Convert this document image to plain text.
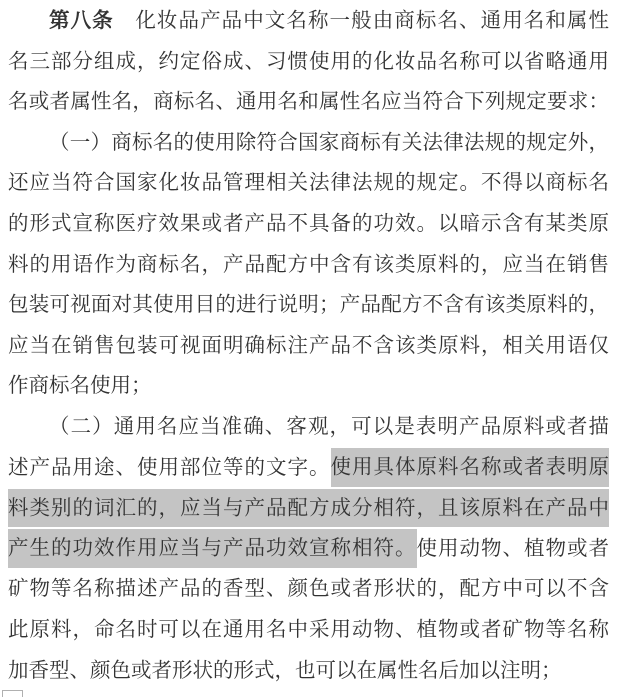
第八条　化妆品产品中文名称一般由商标名、通用名和属性
名三部分组成，约定俗成、习惯使用的化妆品名称可以省略通用
名或者属性名，商标名、通用名和属性名应当符合下列规定要求：
（一）商标名的使用除符合国家商标有关法律法规的规定外，
还应当符合国家化妆品管理相关法律法规的规定。不得以商标名
的形式宣称医疗效果或者产品不具备的功效。以暗示含有某类原
料的用语作为商标名，产品配方中含有该类原料的，应当在销售
包装可视面对其使用目的进行说明；产品配方不含有该类原料的，
应当在销售包装可视面明确标注产品不含该类原料，相关用语仅
作商标名使用；
（二）通用名应当准确、客观，可以是表明产品原料或者描
述产品用途、使用部位等的文字。使用具体原料名称或者表明原
料类别的词汇的，应当与产品配方成分相符，且该原料在产品中
产生的功效作用应当与产品功效宣称相符。使用动物、植物或者
矿物等名称描述产品的香型、颜色或者形状的，配方中可以不含
此原料，命名时可以在通用名中采用动物、植物或者矿物等名称
加香型、颜色或者形状的形式，也可以在属性名后加以注明；
